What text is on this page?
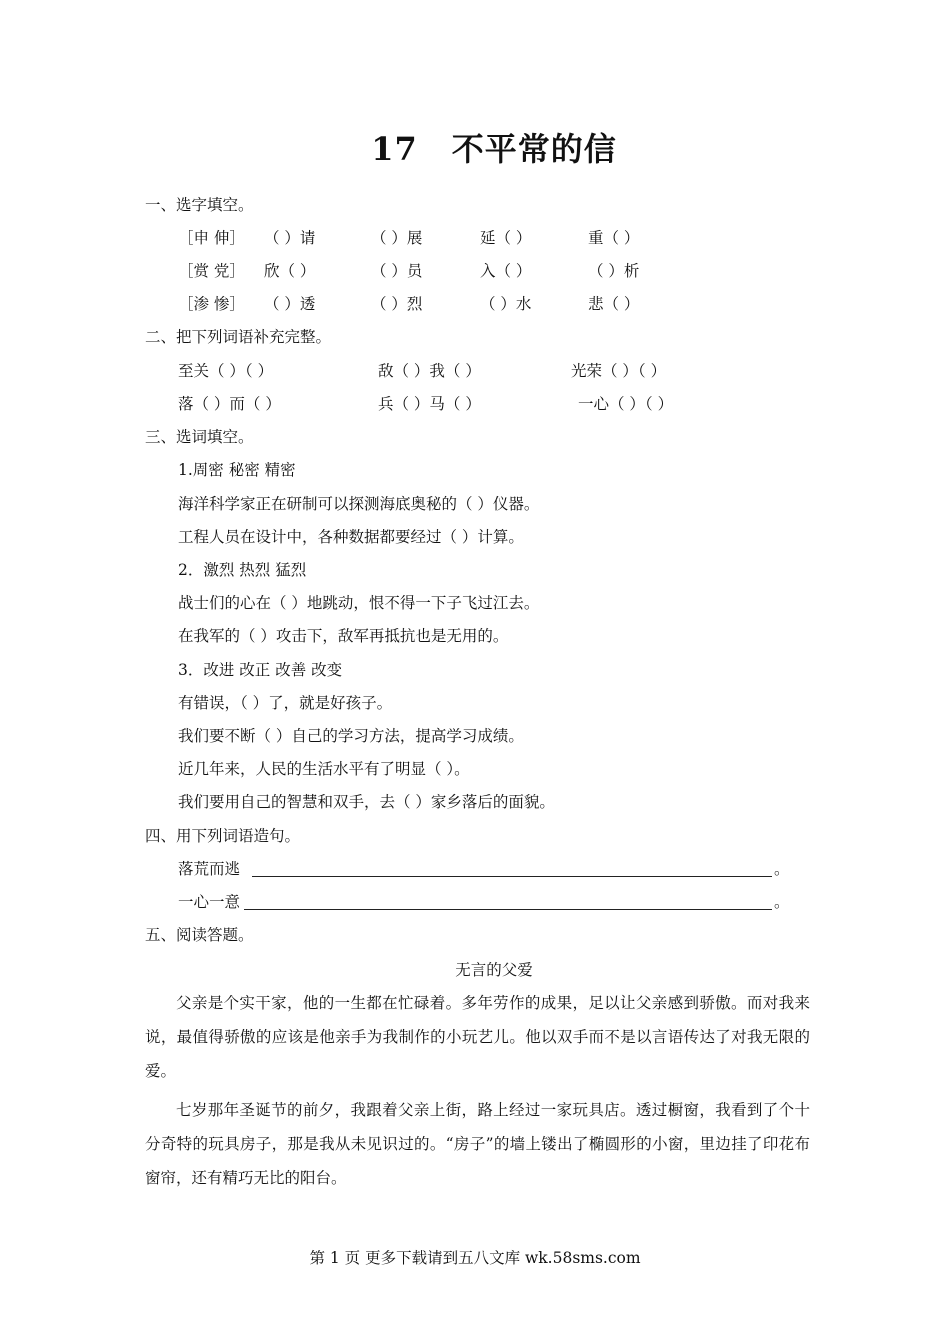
17 不平常的信
一、选字填空。
［申 伸］ （ ）请	（ ）展	延（ ）	重（ ）
［赏 党］ 欣（ ）	（ ）员	入（ ）	（ ）析
［渗 惨］ （ ）透	（ ）烈	（ ）水	悲（ ）
二、把下列词语补充完整。
至关（ ）（ ）	敌（ ）我（ ）	光荣（ ）（ ）
落（ ）而（ ）	兵（ ）马（ ）	一心（ ）（ ）
三、选词填空。
1.周密 秘密 精密
海洋科学家正在研制可以探测海底奥秘的（ ）仪器。
工程人员在设计中，各种数据都要经过（ ）计算。
2．激烈 热烈 猛烈
战士们的心在（ ）地跳动，恨不得一下子飞过江去。
在我军的（ ）攻击下，敌军再抵抗也是无用的。
3．改进 改正 改善 改变
有错误，（ ）了，就是好孩子。
我们要不断（ ）自己的学习方法，提高学习成绩。
近几年来，人民的生活水平有了明显（ ）。
我们要用自己的智慧和双手，去（ ）家乡落后的面貌。
四、用下列词语造句。
落荒而逃	。
一心一意	。
五、阅读答题。
无言的父爱
父亲是个实干家，他的一生都在忙碌着。多年劳作的成果，足以让父亲感到骄傲。而对我来说，最值得骄傲的应该是他亲手为我制作的小玩艺儿。他以双手而不是以言语传达了对我无限的爱。
七岁那年圣诞节的前夕，我跟着父亲上街，路上经过一家玩具店。透过橱窗，我看到了个十分奇特的玩具房子，那是我从未见识过的。“房子”的墙上镂出了椭圆形的小窗，里边挂了印花布窗帘，还有精巧无比的阳台。
第 1 页 更多下载请到五八文库 wk.58sms.com
